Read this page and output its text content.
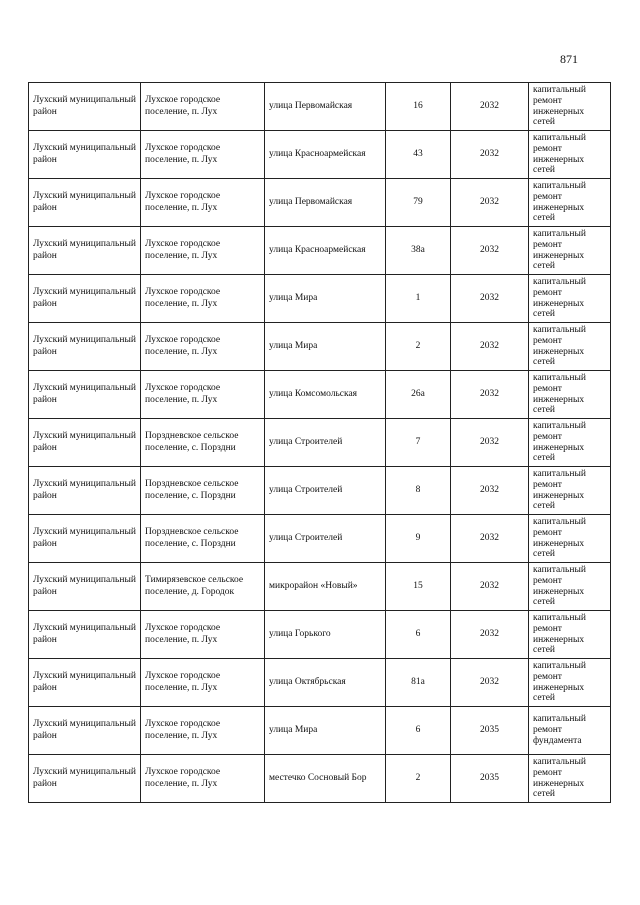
871
Лухский муниципальный район	Лухское городское поселение, п. Лух	улица Первомайская	16	2032	капитальный ремонт инженерных сетей
Лухский муниципальный район	Лухское городское поселение, п. Лух	улица Красноармейская	43	2032	капитальный ремонт инженерных сетей
Лухский муниципальный район	Лухское городское поселение, п. Лух	улица Первомайская	79	2032	капитальный ремонт инженерных сетей
Лухский муниципальный район	Лухское городское поселение, п. Лух	улица Красноармейская	38а	2032	капитальный ремонт инженерных сетей
Лухский муниципальный район	Лухское городское поселение, п. Лух	улица Мира	1	2032	капитальный ремонт инженерных сетей
Лухский муниципальный район	Лухское городское поселение, п. Лух	улица Мира	2	2032	капитальный ремонт инженерных сетей
Лухский муниципальный район	Лухское городское поселение, п. Лух	улица Комсомольская	26а	2032	капитальный ремонт инженерных сетей
Лухский муниципальный район	Порздневское сельское поселение, с. Порздни	улица Строителей	7	2032	капитальный ремонт инженерных сетей
Лухский муниципальный район	Порздневское сельское поселение, с. Порздни	улица Строителей	8	2032	капитальный ремонт инженерных сетей
Лухский муниципальный район	Порздневское сельское поселение, с. Порздни	улица Строителей	9	2032	капитальный ремонт инженерных сетей
Лухский муниципальный район	Тимирязевское сельское поселение, д. Городок	микрорайон «Новый»	15	2032	капитальный ремонт инженерных сетей
Лухский муниципальный район	Лухское городское поселение, п. Лух	улица Горького	6	2032	капитальный ремонт инженерных сетей
Лухский муниципальный район	Лухское городское поселение, п. Лух	улица Октябрьская	81а	2032	капитальный ремонт инженерных сетей
Лухский муниципальный район	Лухское городское поселение, п. Лух	улица Мира	6	2035	капитальный ремонт фундамента
Лухский муниципальный район	Лухское городское поселение, п. Лух	местечко Сосновый Бор	2	2035	капитальный ремонт инженерных сетей
